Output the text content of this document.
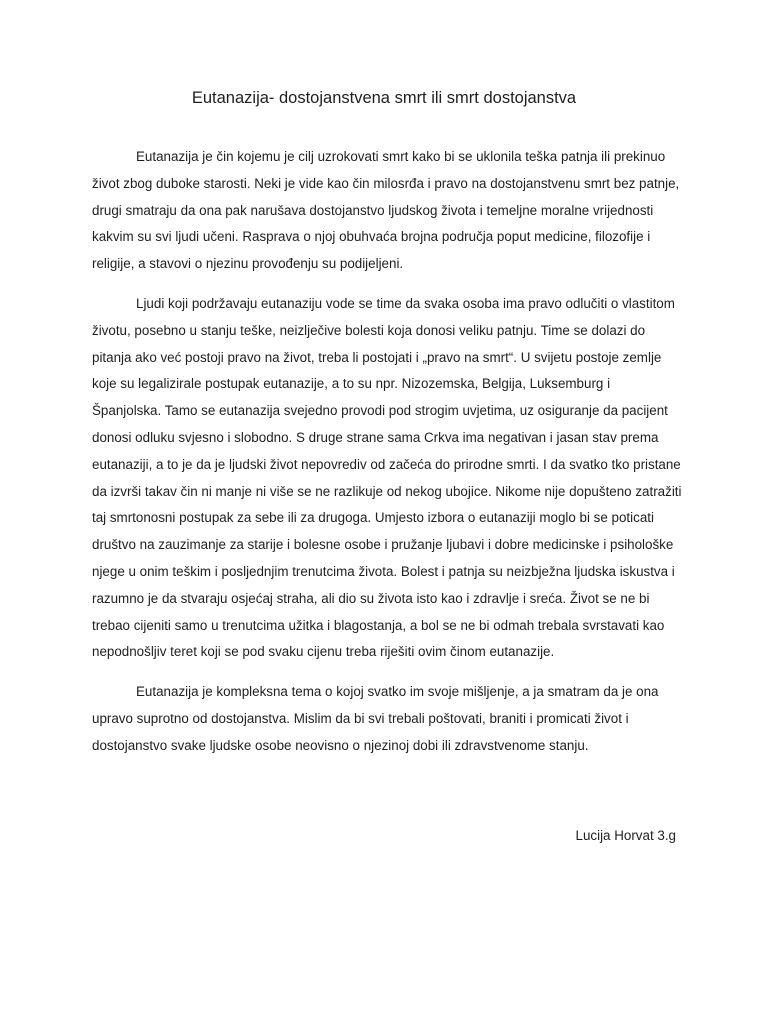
Eutanazija- dostojanstvena smrt ili smrt dostojanstva

Eutanazija je čin kojemu je cilj uzrokovati smrt kako bi se uklonila teška patnja ili prekinuo život zbog duboke starosti. Neki je vide kao čin milosrđa i pravo na dostojanstvenu smrt bez patnje, drugi smatraju da ona pak narušava dostojanstvo ljudskog života i temeljne moralne vrijednosti kakvim su svi ljudi učeni. Rasprava o njoj obuhvaća brojna područja poput medicine, filozofije i religije, a stavovi o njezinu provođenju su podijeljeni.

Ljudi koji podržavaju eutanaziju vode se time da svaka osoba ima pravo odlučiti o vlastitom životu, posebno u stanju teške, neizlječive bolesti koja donosi veliku patnju. Time se dolazi do pitanja ako već postoji pravo na život, treba li postojati i „pravo na smrt“. U svijetu postoje zemlje koje su legalizirale postupak eutanazije, a to su npr. Nizozemska, Belgija, Luksemburg i Španjolska. Tamo se eutanazija svejedno provodi pod strogim uvjetima, uz osiguranje da pacijent donosi odluku svjesno i slobodno. S druge strane sama Crkva ima negativan i jasan stav prema eutanaziji, a to je da je ljudski život nepovrediv od začeća do prirodne smrti. I da svatko tko pristane da izvrši takav čin ni manje ni više se ne razlikuje od nekog ubojice. Nikome nije dopušteno zatražiti taj smrtonosni postupak za sebe ili za drugoga. Umjesto izbora o eutanaziji moglo bi se poticati društvo na zauzimanje za starije i bolesne osobe i pružanje ljubavi i dobre medicinske i psihološke njege u onim teškim i posljednjim trenutcima života. Bolest i patnja su neizbježna ljudska iskustva i razumno je da stvaraju osjećaj straha, ali dio su života isto kao i zdravlje i sreća. Život se ne bi trebao cijeniti samo u trenutcima užitka i blagostanja, a bol se ne bi odmah trebala svrstavati kao nepodnošljiv teret koji se pod svaku cijenu treba riješiti ovim činom eutanazije.

Eutanazija je kompleksna tema o kojoj svatko im svoje mišljenje, a ja smatram da je ona upravo suprotno od dostojanstva. Mislim da bi svi trebali poštovati, braniti i promicati život i dostojanstvo svake ljudske osobe neovisno o njezinoj dobi ili zdravstvenome stanju.

Lucija Horvat 3.g
